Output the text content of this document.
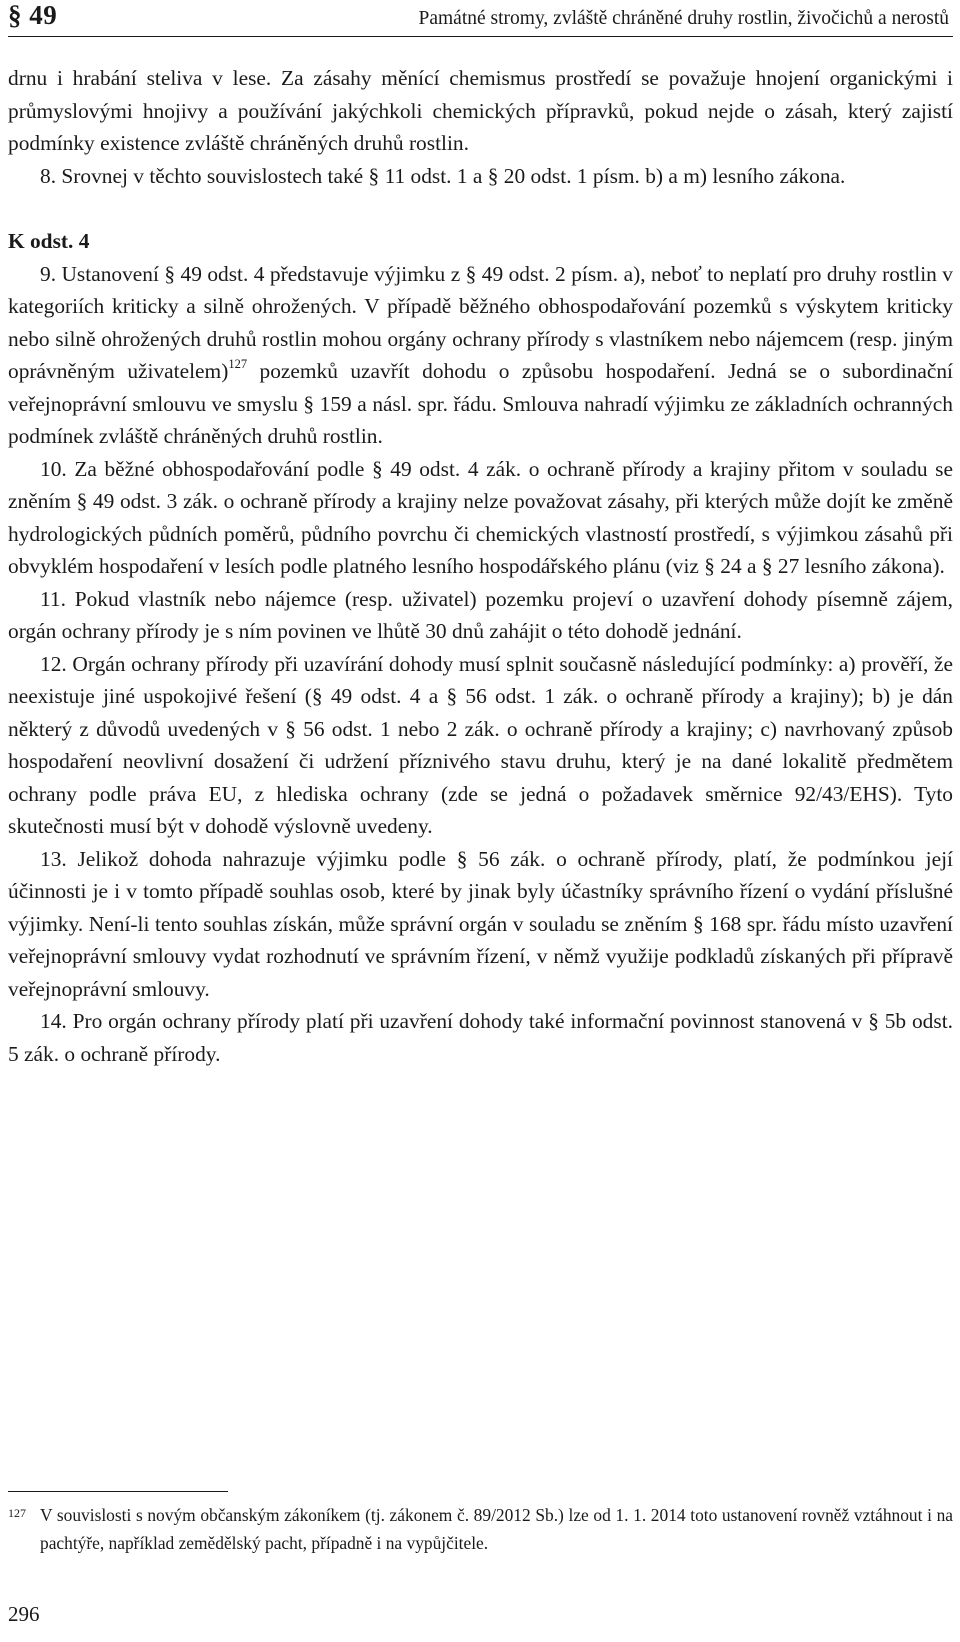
§ 49	Památné stromy, zvláště chráněné druhy rostlin, živočichů a nerostů

drnu i hrabání steliva v lese. Za zásahy měnící chemismus prostředí se považuje hnojení organickými i průmyslovými hnojivy a používání jakýchkoli chemických přípravků, pokud nejde o zásah, který zajistí podmínky existence zvláště chráněných druhů rostlin.

8. Srovnej v těchto souvislostech také § 11 odst. 1 a § 20 odst. 1 písm. b) a m) lesního zákona.

K odst. 4

9. Ustanovení § 49 odst. 4 představuje výjimku z § 49 odst. 2 písm. a), neboť to neplatí pro druhy rostlin v kategoriích kriticky a silně ohrožených. V případě běžného obhospodařování pozemků s výskytem kriticky nebo silně ohrožených druhů rostlin mohou orgány ochrany přírody s vlastníkem nebo nájemcem (resp. jiným oprávněným uživatelem)$^{127}$ pozemků uzavřít dohodu o způsobu hospodaření. Jedná se o subordinační veřejnoprávní smlouvu ve smyslu § 159 a násl. spr. řádu. Smlouva nahradí výjimku ze základních ochranných podmínek zvláště chráněných druhů rostlin.

10. Za běžné obhospodařování podle § 49 odst. 4 zák. o ochraně přírody a krajiny přitom v souladu se zněním § 49 odst. 3 zák. o ochraně přírody a krajiny nelze považovat zásahy, při kterých může dojít ke změně hydrologických půdních poměrů, půdního povrchu či chemických vlastností prostředí, s výjimkou zásahů při obvyklém hospodaření v lesích podle platného lesního hospodářského plánu (viz § 24 a § 27 lesního zákona).

11. Pokud vlastník nebo nájemce (resp. uživatel) pozemku projeví o uzavření dohody písemně zájem, orgán ochrany přírody je s ním povinen ve lhůtě 30 dnů zahájit o této dohodě jednání.

12. Orgán ochrany přírody při uzavírání dohody musí splnit současně následující podmínky: a) prověří, že neexistuje jiné uspokojivé řešení (§ 49 odst. 4 a § 56 odst. 1 zák. o ochraně přírody a krajiny); b) je dán některý z důvodů uvedených v § 56 odst. 1 nebo 2 zák. o ochraně přírody a krajiny; c) navrhovaný způsob hospodaření neovlivní dosažení či udržení příznivého stavu druhu, který je na dané lokalitě předmětem ochrany podle práva EU, z hlediska ochrany (zde se jedná o požadavek směrnice 92/43/EHS). Tyto skutečnosti musí být v dohodě výslovně uvedeny.

13. Jelikož dohoda nahrazuje výjimku podle § 56 zák. o ochraně přírody, platí, že podmínkou její účinnosti je i v tomto případě souhlas osob, které by jinak byly účastníky správního řízení o vydání příslušné výjimky. Není-li tento souhlas získán, může správní orgán v souladu se zněním § 168 spr. řádu místo uzavření veřejnoprávní smlouvy vydat rozhodnutí ve správním řízení, v němž využije podkladů získaných při přípravě veřejnoprávní smlouvy.

14. Pro orgán ochrany přírody platí při uzavření dohody také informační povinnost stanovená v § 5b odst. 5 zák. o ochraně přírody.

127 V souvislosti s novým občanským zákoníkem (tj. zákonem č. 89/2012 Sb.) lze od 1. 1. 2014 toto ustanovení rovněž vztáhnout i na pachtýře, například zemědělský pacht, případně i na vypůjčitele.
296
